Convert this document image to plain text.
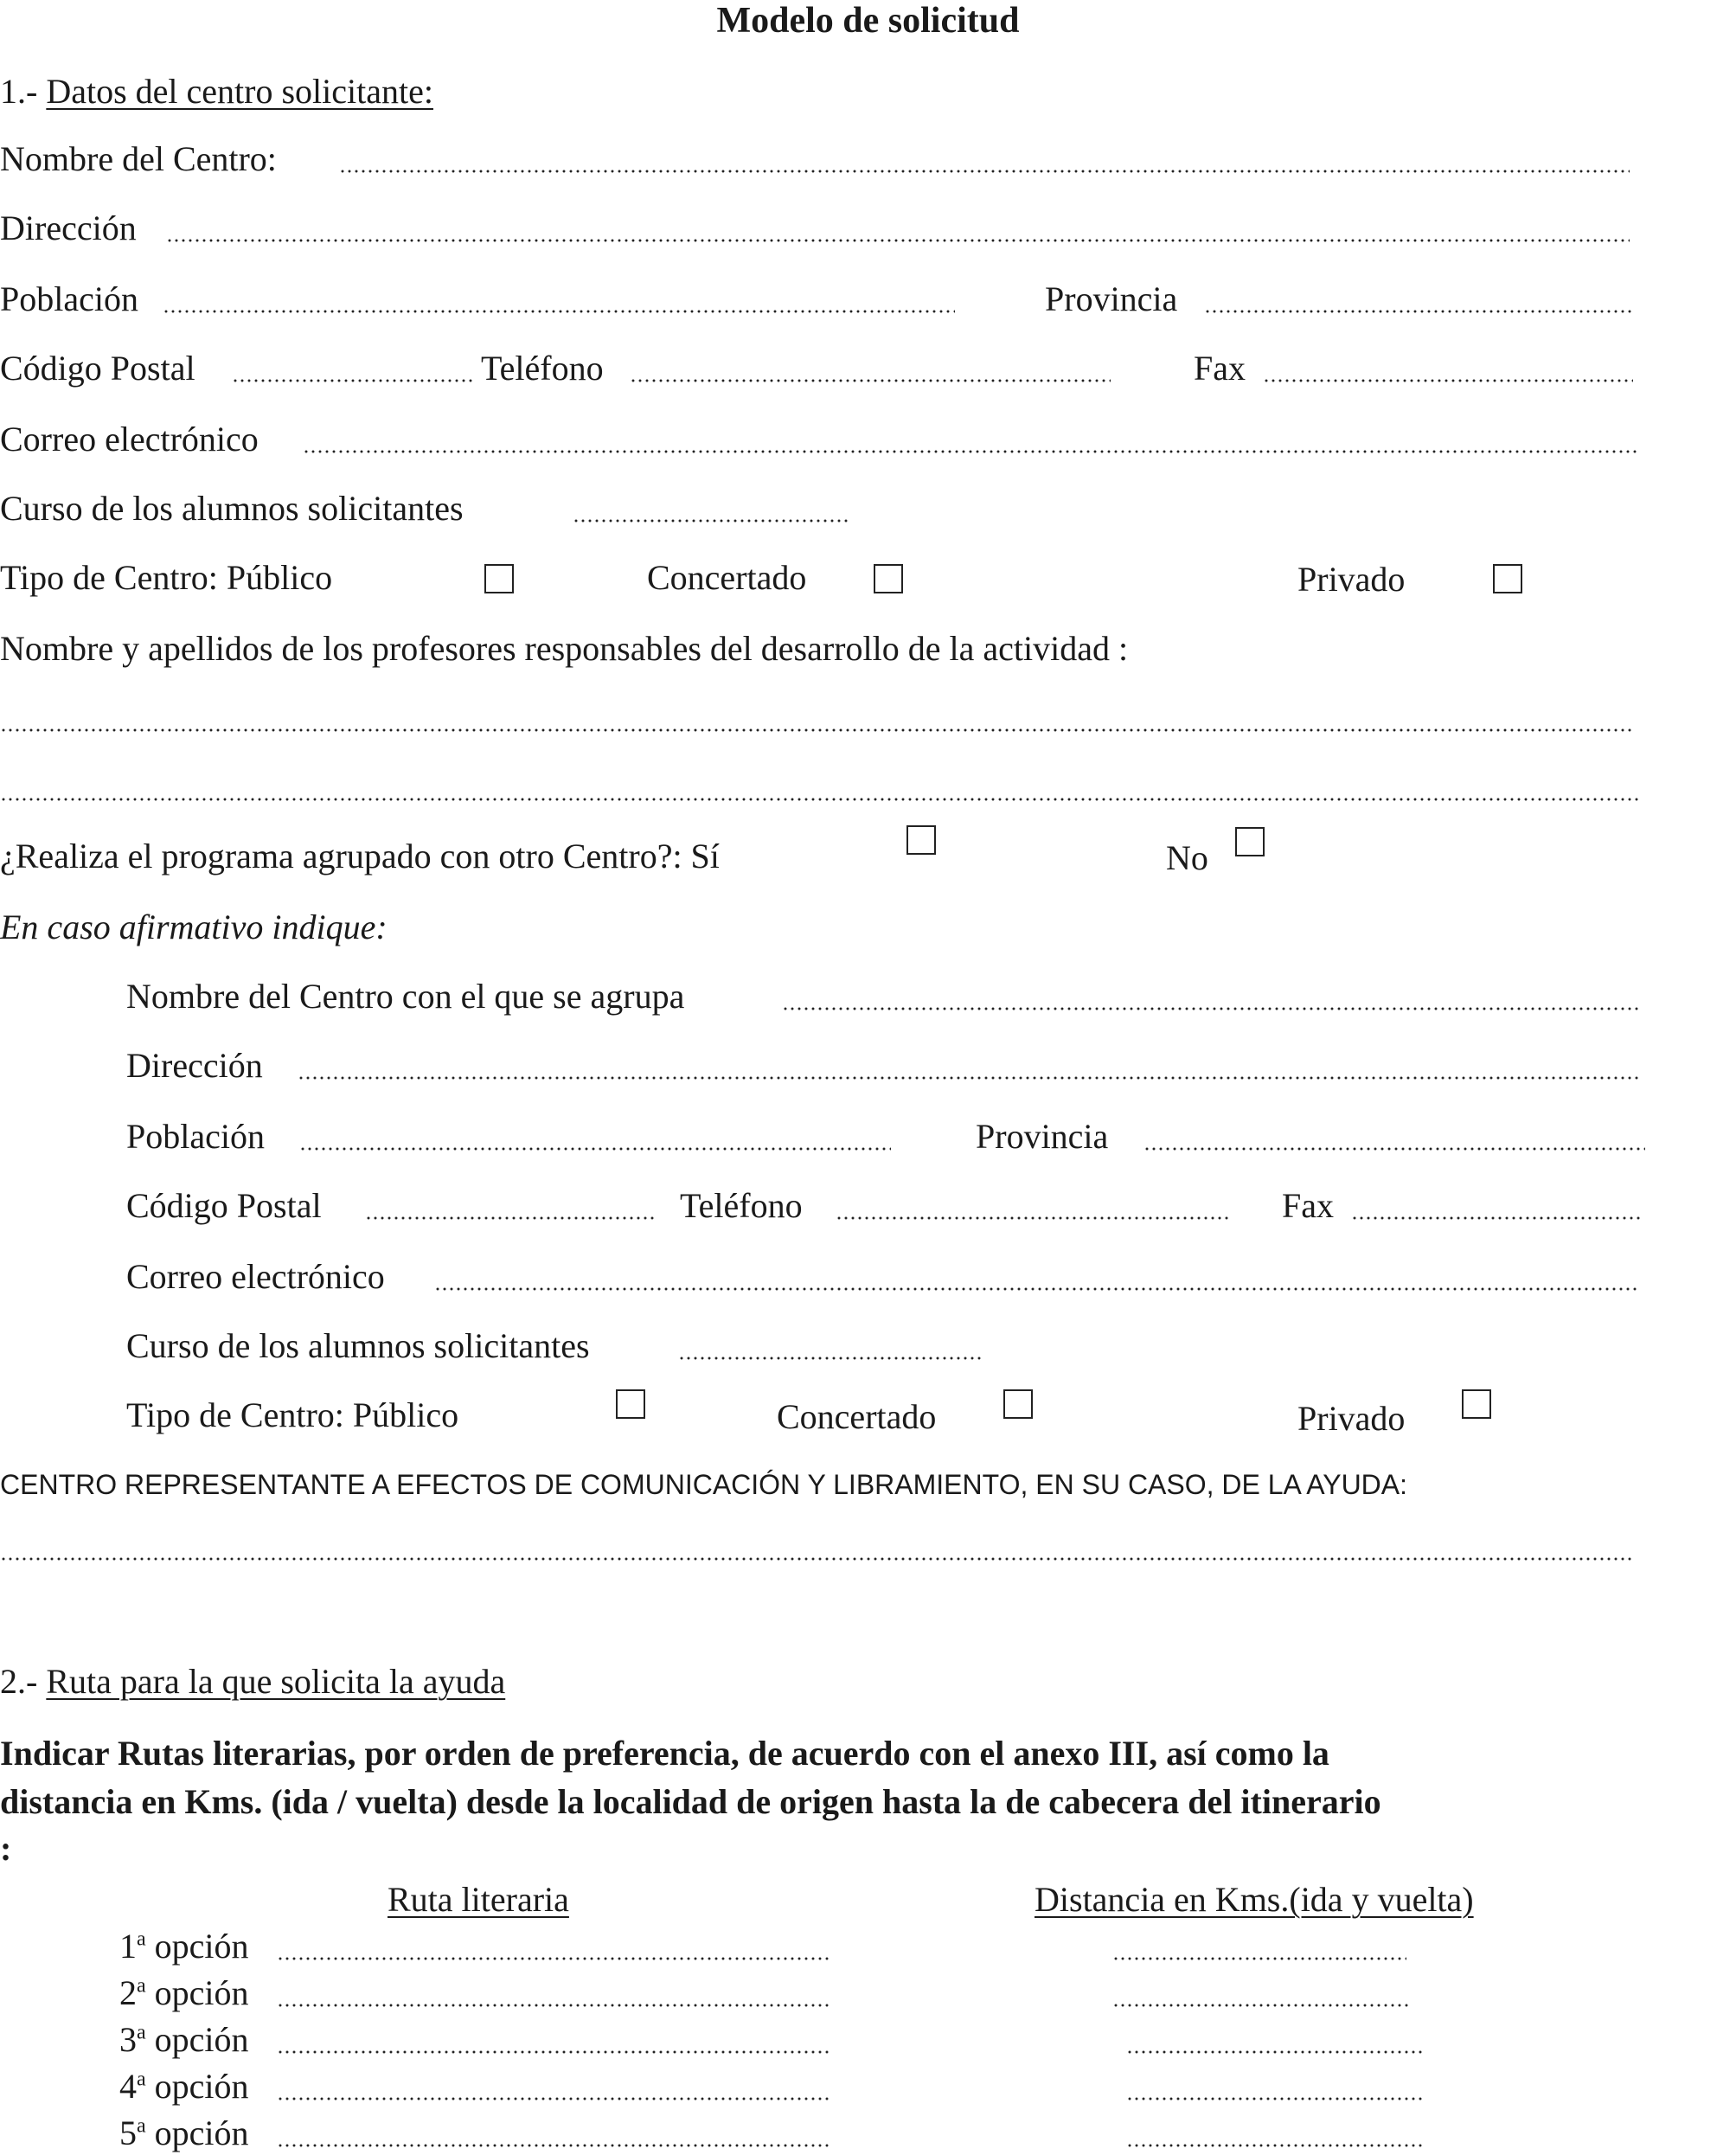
Modelo de solicitud
1.- Datos del centro solicitante:
Nombre del Centro:
Dirección
Población	Provincia
Código Postal	Teléfono	Fax
Correo electrónico
Curso de los alumnos solicitantes
Tipo de Centro: Público	Concertado	Privado
Nombre y apellidos de los profesores responsables del desarrollo de la actividad :
¿Realiza el programa agrupado con otro Centro?: Sí	No
En caso afirmativo indique:
Nombre del Centro con el que se agrupa
Dirección
Población	Provincia
Código Postal	Teléfono	Fax
Correo electrónico
Curso de los alumnos solicitantes
Tipo de Centro: Público	Concertado	Privado
CENTRO REPRESENTANTE A EFECTOS DE COMUNICACIÓN Y LIBRAMIENTO, EN SU CASO, DE LA AYUDA:
2.- Ruta para la que solicita la ayuda
Indicar Rutas literarias, por orden de preferencia, de acuerdo con el anexo III, así como la
distancia en Kms. (ida / vuelta) desde la localidad de origen hasta la de cabecera del itinerario
:
Ruta literaria	Distancia en Kms.(ida y vuelta)
1$^a$ opción
2$^a$ opción
3$^a$ opción
4$^a$ opción
5$^a$ opción
